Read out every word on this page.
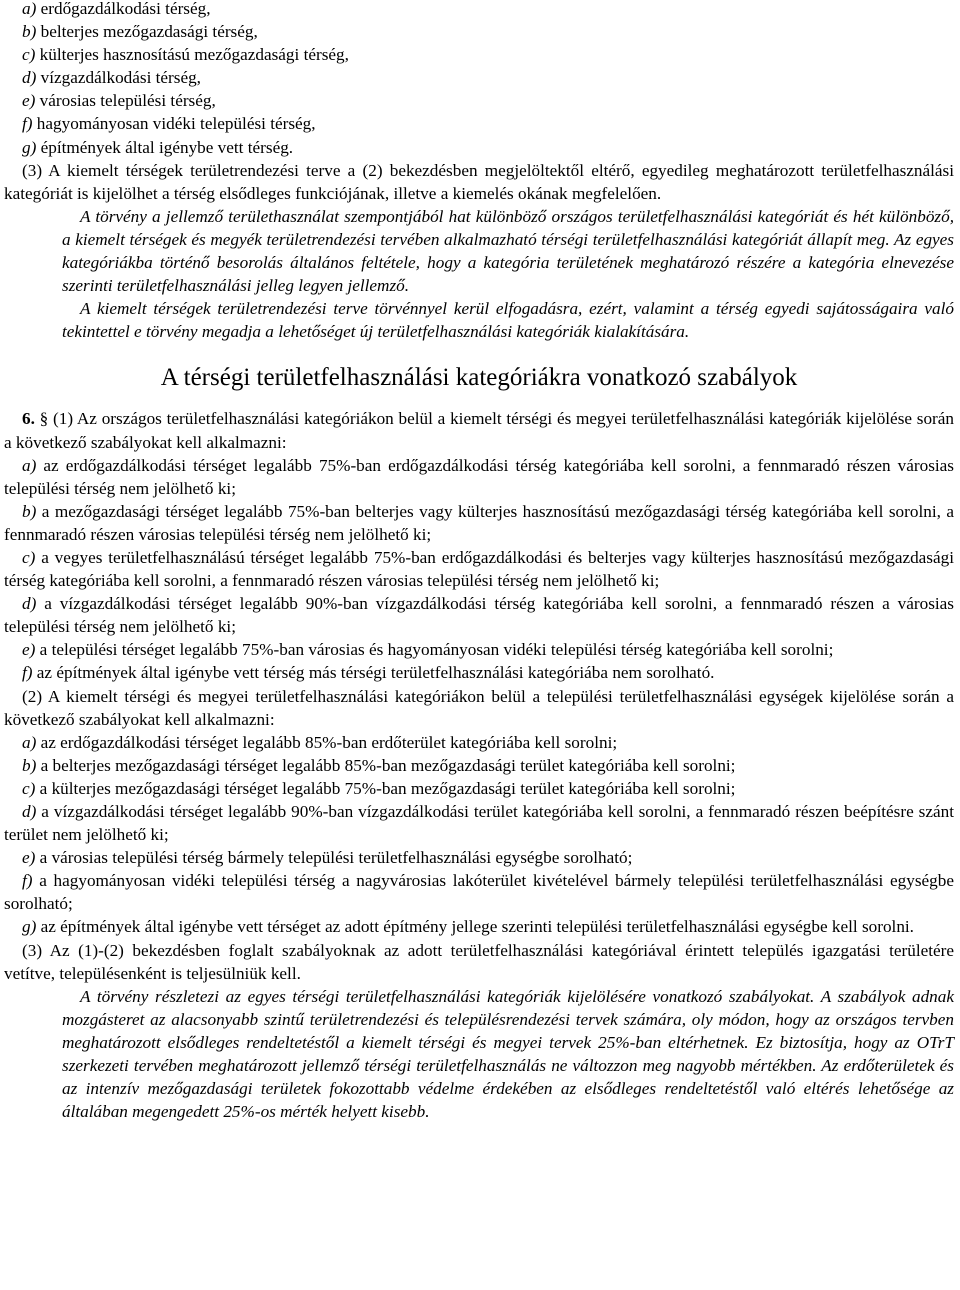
a) erdőgazdálkodási térség,
b) belterjes mezőgazdasági térség,
c) külterjes hasznosítású mezőgazdasági térség,
d) vízgazdálkodási térség,
e) városias települési térség,
f) hagyományosan vidéki települési térség,
g) építmények által igénybe vett térség.

(3) A kiemelt térségek területrendezési terve a (2) bekezdésben megjelöltektől eltérő, egyedileg meghatározott területfelhasználási kategóriát is kijelölhet a térség elsődleges funkciójának, illetve a kiemelés okának megfelelően.

A törvény a jellemző területhasználat szempontjából hat különböző országos területfelhasználási kategóriát és hét különböző, a kiemelt térségek és megyék területrendezési tervében alkalmazható térségi területfelhasználási kategóriát állapít meg. Az egyes kategóriákba történő besorolás általános feltétele, hogy a kategória területének meghatározó részére a kategória elnevezése szerinti területfelhasználási jelleg legyen jellemző.

A kiemelt térségek területrendezési terve törvénnyel kerül elfogadásra, ezért, valamint a térség egyedi sajátosságaira való tekintettel e törvény megadja a lehetőséget új területfelhasználási kategóriák kialakítására.

A térségi területfelhasználási kategóriákra vonatkozó szabályok

6. § (1) Az országos területfelhasználási kategóriákon belül a kiemelt térségi és megyei területfelhasználási kategóriák kijelölése során a következő szabályokat kell alkalmazni:

a) az erdőgazdálkodási térséget legalább 75%-ban erdőgazdálkodási térség kategóriába kell sorolni, a fennmaradó részen városias települési térség nem jelölhető ki;

b) a mezőgazdasági térséget legalább 75%-ban belterjes vagy külterjes hasznosítású mezőgazdasági térség kategóriába kell sorolni, a fennmaradó részen városias települési térség nem jelölhető ki;

c) a vegyes területfelhasználású térséget legalább 75%-ban erdőgazdálkodási és belterjes vagy külterjes hasznosítású mezőgazdasági térség kategóriába kell sorolni, a fennmaradó részen városias települési térség nem jelölhető ki;

d) a vízgazdálkodási térséget legalább 90%-ban vízgazdálkodási térség kategóriába kell sorolni, a fennmaradó részen a városias települési térség nem jelölhető ki;

e) a települési térséget legalább 75%-ban városias és hagyományosan vidéki települési térség kategóriába kell sorolni;

f) az építmények által igénybe vett térség más térségi területfelhasználási kategóriába nem sorolható.

(2) A kiemelt térségi és megyei területfelhasználási kategóriákon belül a települési területfelhasználási egységek kijelölése során a következő szabályokat kell alkalmazni:

a) az erdőgazdálkodási térséget legalább 85%-ban erdőterület kategóriába kell sorolni;

b) a belterjes mezőgazdasági térséget legalább 85%-ban mezőgazdasági terület kategóriába kell sorolni;

c) a külterjes mezőgazdasági térséget legalább 75%-ban mezőgazdasági terület kategóriába kell sorolni;

d) a vízgazdálkodási térséget legalább 90%-ban vízgazdálkodási terület kategóriába kell sorolni, a fennmaradó részen beépítésre szánt terület nem jelölhető ki;

e) a városias települési térség bármely települési területfelhasználási egységbe sorolható;

f) a hagyományosan vidéki települési térség a nagyvárosias lakóterület kivételével bármely települési területfelhasználási egységbe sorolható;

g) az építmények által igénybe vett térséget az adott építmény jellege szerinti települési területfelhasználási egységbe kell sorolni.

(3) Az (1)-(2) bekezdésben foglalt szabályoknak az adott területfelhasználási kategóriával érintett település igazgatási területére vetítve, településenként is teljesülniük kell.

A törvény részletezi az egyes térségi területfelhasználási kategóriák kijelölésére vonatkozó szabályokat. A szabályok adnak mozgásteret az alacsonyabb szintű területrendezési és településrendezési tervek számára, oly módon, hogy az országos tervben meghatározott elsődleges rendeltetéstől a kiemelt térségi és megyei tervek 25%-ban eltérhetnek. Ez biztosítja, hogy az OTrT szerkezeti tervében meghatározott jellemző térségi területfelhasználás ne változzon meg nagyobb mértékben. Az erdőterületek és az intenzív mezőgazdasági területek fokozottabb védelme érdekében az elsődleges rendeltetéstől való eltérés lehetősége az általában megengedett 25%-os mérték helyett kisebb.
